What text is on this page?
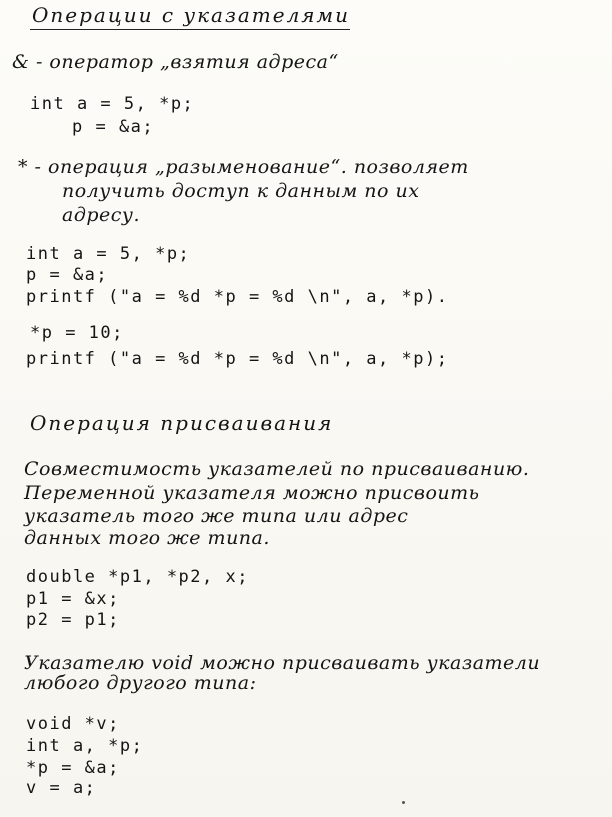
Операции с указателями
& - оператор „взятия адреса“
int a = 5, *p;
p = &a;
* - операция „разыменование“. позволяет
получить доступ к данным по их
адресу.
int a = 5, *p;
p = &a;
printf ("a = %d *p = %d \n", a, *p).
*p = 10;
printf ("a = %d *p = %d \n", a, *p);
Операция присваивания
Совместимость указателей по присваиванию.
Переменной указателя можно присвоить
указатель того же типа или адрес
данных того же типа.
double *p1, *p2, x;
p1 = &x;
p2 = p1;
Указателю void можно присваивать указатели
любого другого типа:
void *v;
int a, *p;
*p = &a;
v = a;
